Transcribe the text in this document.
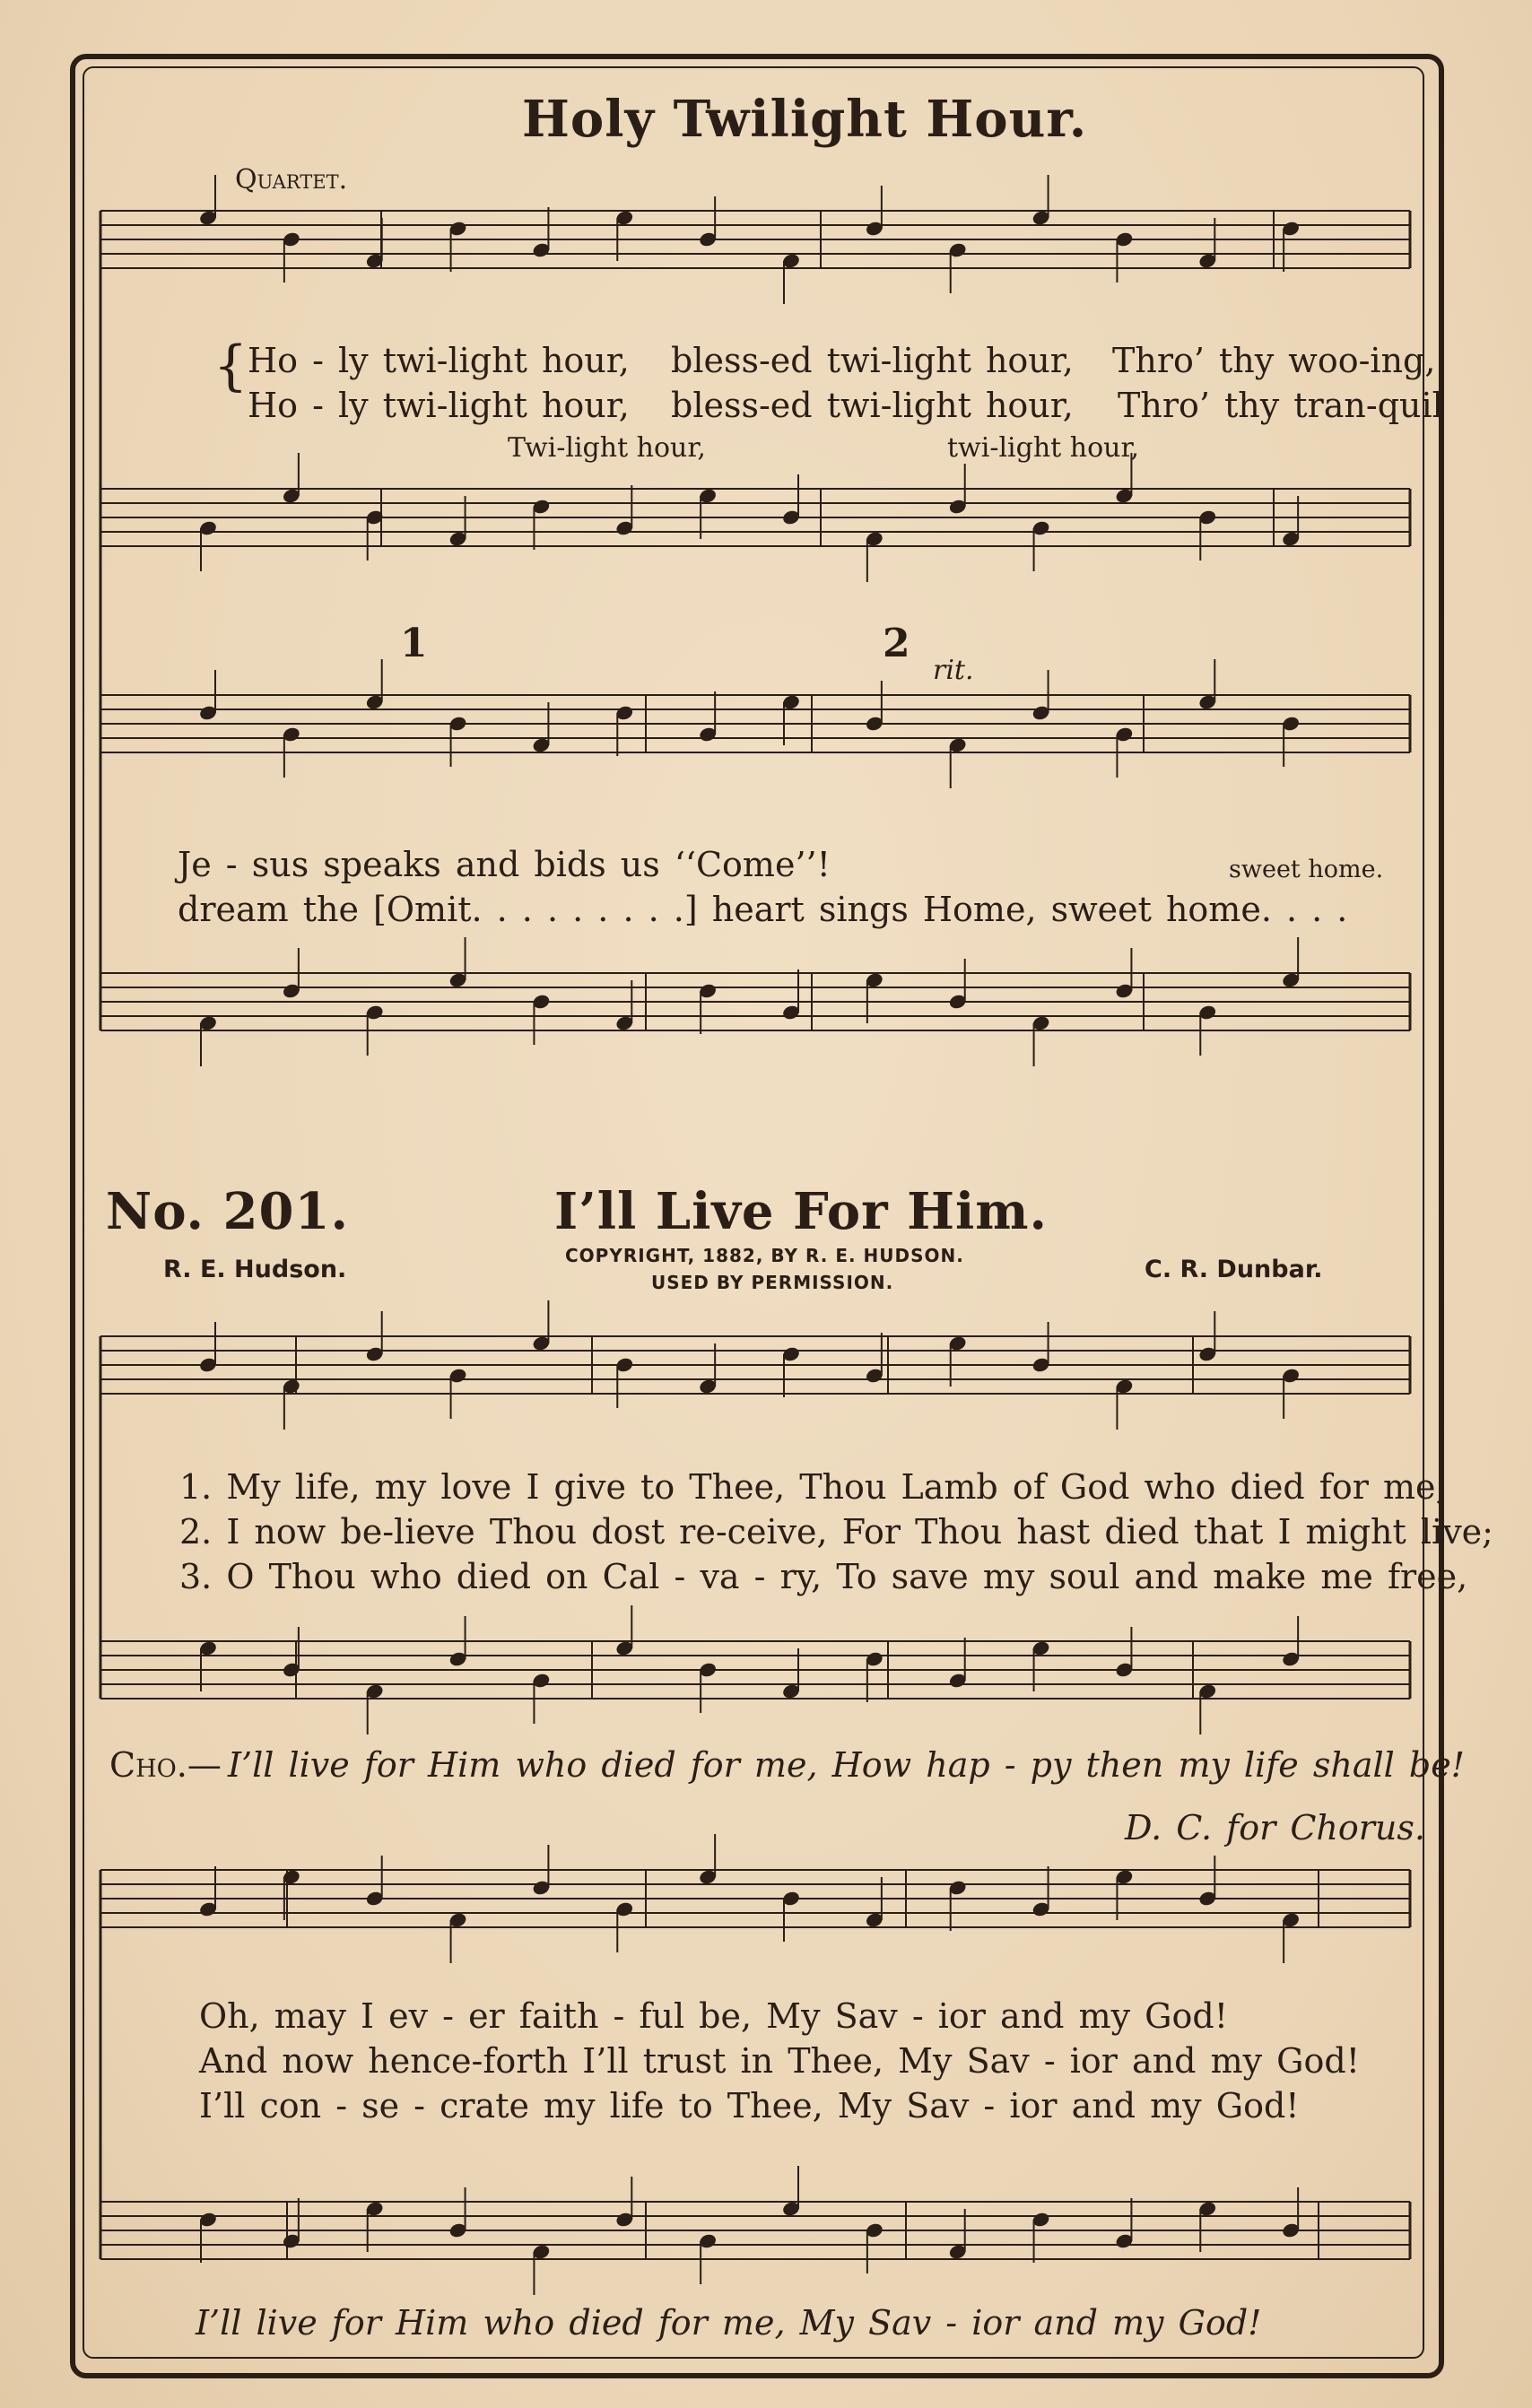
Holy Twilight Hour.
Quartet.
{ Ho - ly twi-light hour, bless-ed twi-light hour, Thro’ thy woo-ing,
Ho - ly twi-light hour, bless-ed twi-light hour, Thro’ thy tran-quil
Twi-light hour,	twi-light hour,
1	2
rit.
Je - sus speaks and bids us ‘‘Come’’!	sweet home.
dream the [Omit. . . . . . . . .] heart sings Home, sweet home. . . .
No. 201.	I’ll Live For Him.
R. E. Hudson.	COPYRIGHT, 1882, BY R. E. HUDSON.
USED BY PERMISSION.	C. R. Dunbar.
1. My life, my love I give to Thee, Thou Lamb of God who died for me;
2. I now be-lieve Thou dost re-ceive, For Thou hast died that I might live;
3. O Thou who died on Cal - va - ry, To save my soul and make me free,
Cho.— I’ll live for Him who died for me, How hap - py then my life shall be!
D. C. for Chorus.
Oh, may I ev - er faith - ful be, My Sav - ior and my God!
And now hence-forth I’ll trust in Thee, My Sav - ior and my God!
I’ll con - se - crate my life to Thee, My Sav - ior and my God!
I’ll live for Him who died for me, My Sav - ior and my God!
